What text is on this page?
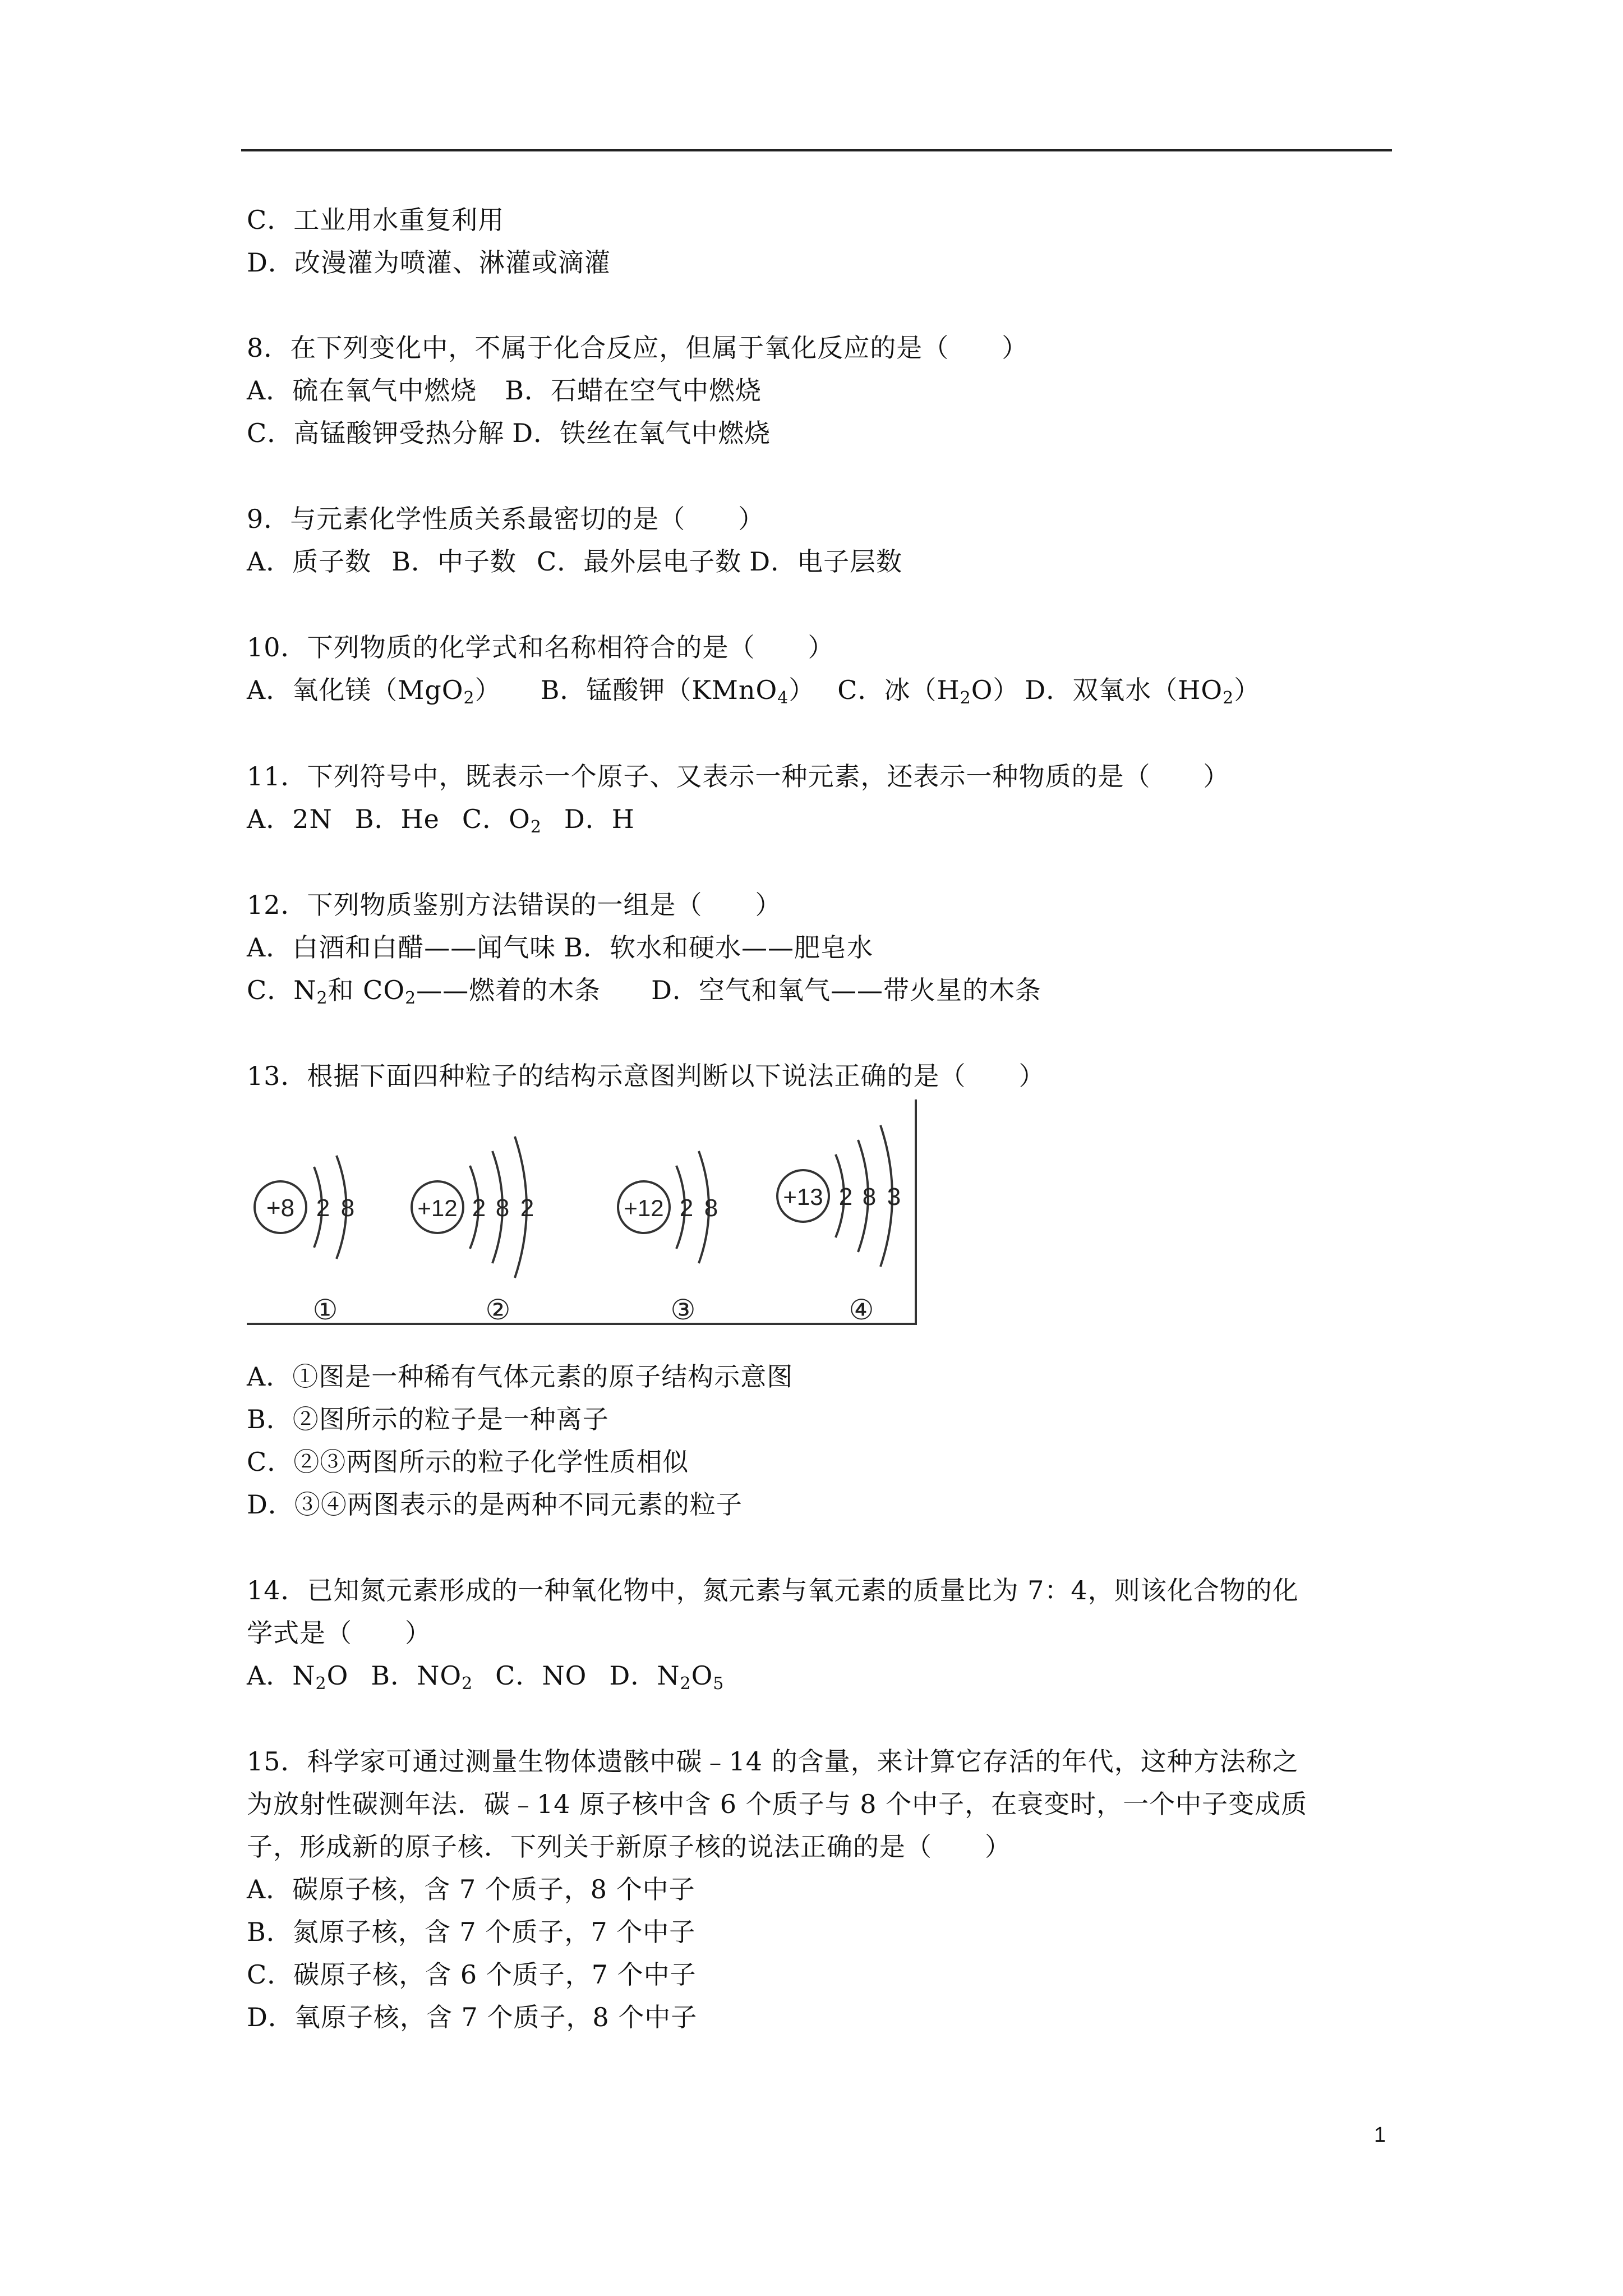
C．工业用水重复利用
D．改漫灌为喷灌、淋灌或滴灌
8．在下列变化中，不属于化合反应，但属于氧化反应的是（　　）
A．硫在氧气中燃烧 B．石蜡在空气中燃烧
C．高锰酸钾受热分解 D．铁丝在氧气中燃烧
9．与元素化学性质关系最密切的是（　　）
A．质子数 B．中子数 C．最外层电子数 D．电子层数
10．下列物质的化学式和名称相符合的是（　　）
A．氧化镁（MgO$_2$） B．锰酸钾（KMnO$_4$） C．冰$(H_2O)$ D．双氧水$(HO_2)$
11．下列符号中，既表示一个原子、又表示一种元素，还表示一种物质的是（　　）
A．2N B．He C．$O_2$ D．H
12．下列物质鉴别方法错误的一组是（　　）
A．白酒和白醋——闻气味 B．软水和硬水——肥皂水
C．$N_2$和 $CO_2——$燃着的木条 D．空气和氧气——带火星的木条
13．根据下面四种粒子的结构示意图判断以下说法正确的是（　　）
+8 2 8
①
+12 2 8 2
②
+12 2 8
③
+13 2 8 3
④
A．①图是一种稀有气体元素的原子结构示意图
B．②图所示的粒子是一种离子
C．②③两图所示的粒子化学性质相似
D．③④两图表示的是两种不同元素的粒子
14．已知氮元素形成的一种氧化物中，氮元素与氧元素的质量比为 7：4，则该化合物的化
学式是（　　）
A．$N_2O$ B．$NO_2$ C．NO D．$N_2O_5$
15．科学家可通过测量生物体遗骸中碳﹣14 的含量，来计算它存活的年代，这种方法称之
为放射性碳测年法．碳﹣14 原子核中含 6 个质子与 8 个中子，在衰变时，一个中子变成质
子，形成新的原子核．下列关于新原子核的说法正确的是（　　）
A．碳原子核，含 7 个质子，8 个中子
B．氮原子核，含 7 个质子，7 个中子
C．碳原子核，含 6 个质子，7 个中子
D．氧原子核，含 7 个质子，8 个中子
1
